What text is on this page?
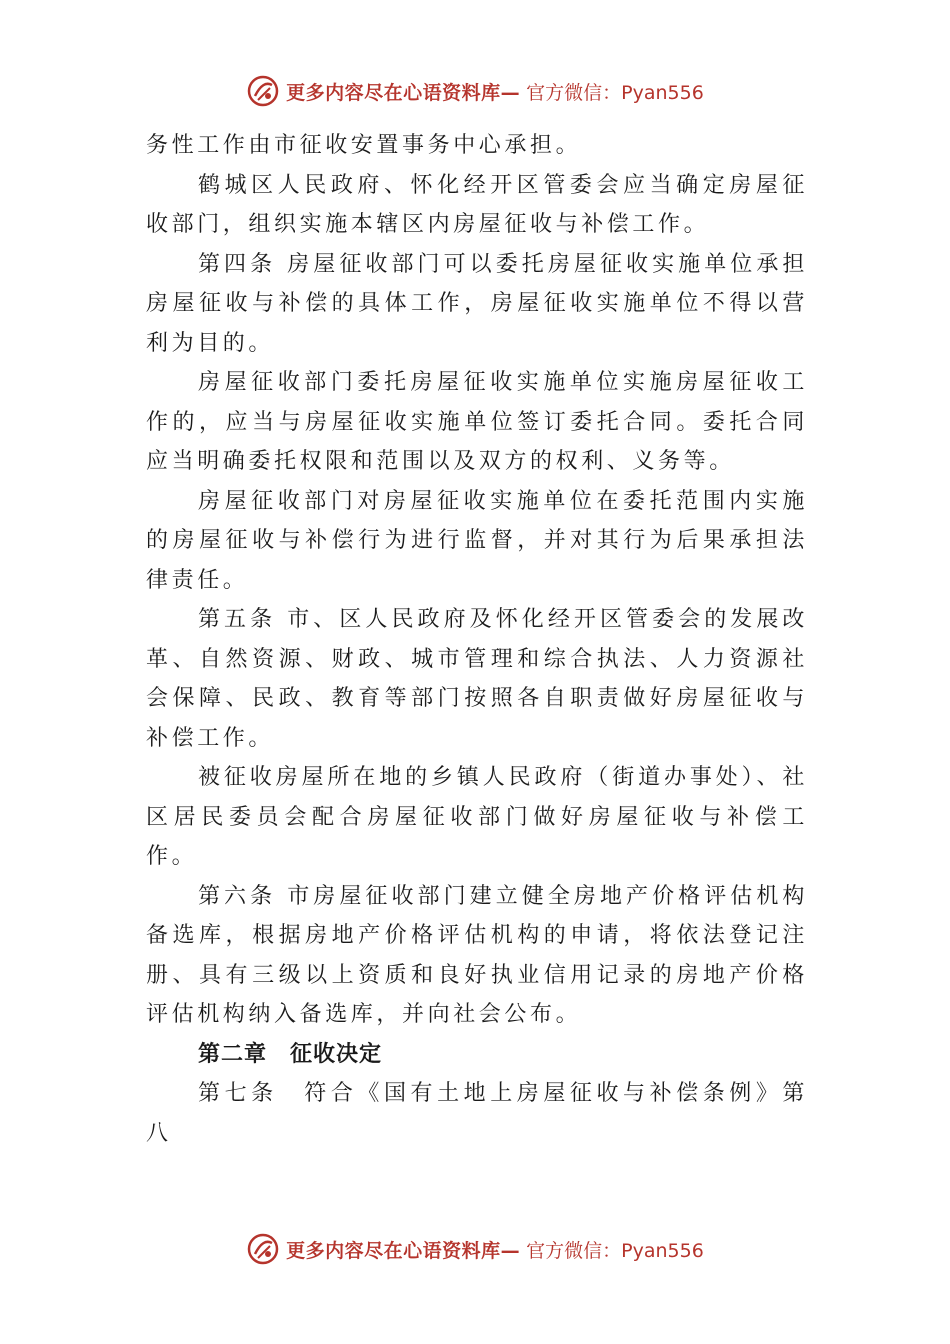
更多内容尽在心语资料库— 官方微信：Pyan556

务性工作由市征收安置事务中心承担。

鹤城区人民政府、怀化经开区管委会应当确定房屋征收部门，组织实施本辖区内房屋征收与补偿工作。

第四条 房屋征收部门可以委托房屋征收实施单位承担房屋征收与补偿的具体工作，房屋征收实施单位不得以营利为目的。

房屋征收部门委托房屋征收实施单位实施房屋征收工作的，应当与房屋征收实施单位签订委托合同。委托合同应当明确委托权限和范围以及双方的权利、义务等。

房屋征收部门对房屋征收实施单位在委托范围内实施的房屋征收与补偿行为进行监督，并对其行为后果承担法律责任。

第五条 市、区人民政府及怀化经开区管委会的发展改革、自然资源、财政、城市管理和综合执法、人力资源社会保障、民政、教育等部门按照各自职责做好房屋征收与补偿工作。

被征收房屋所在地的乡镇人民政府（街道办事处）、社区居民委员会配合房屋征收部门做好房屋征收与补偿工作。

第六条 市房屋征收部门建立健全房地产价格评估机构备选库，根据房地产价格评估机构的申请，将依法登记注册、具有三级以上资质和良好执业信用记录的房地产价格评估机构纳入备选库，并向社会公布。

第二章　征收决定

第七条　符合《国有土地上房屋征收与补偿条例》第八

更多内容尽在心语资料库— 官方微信：Pyan556
